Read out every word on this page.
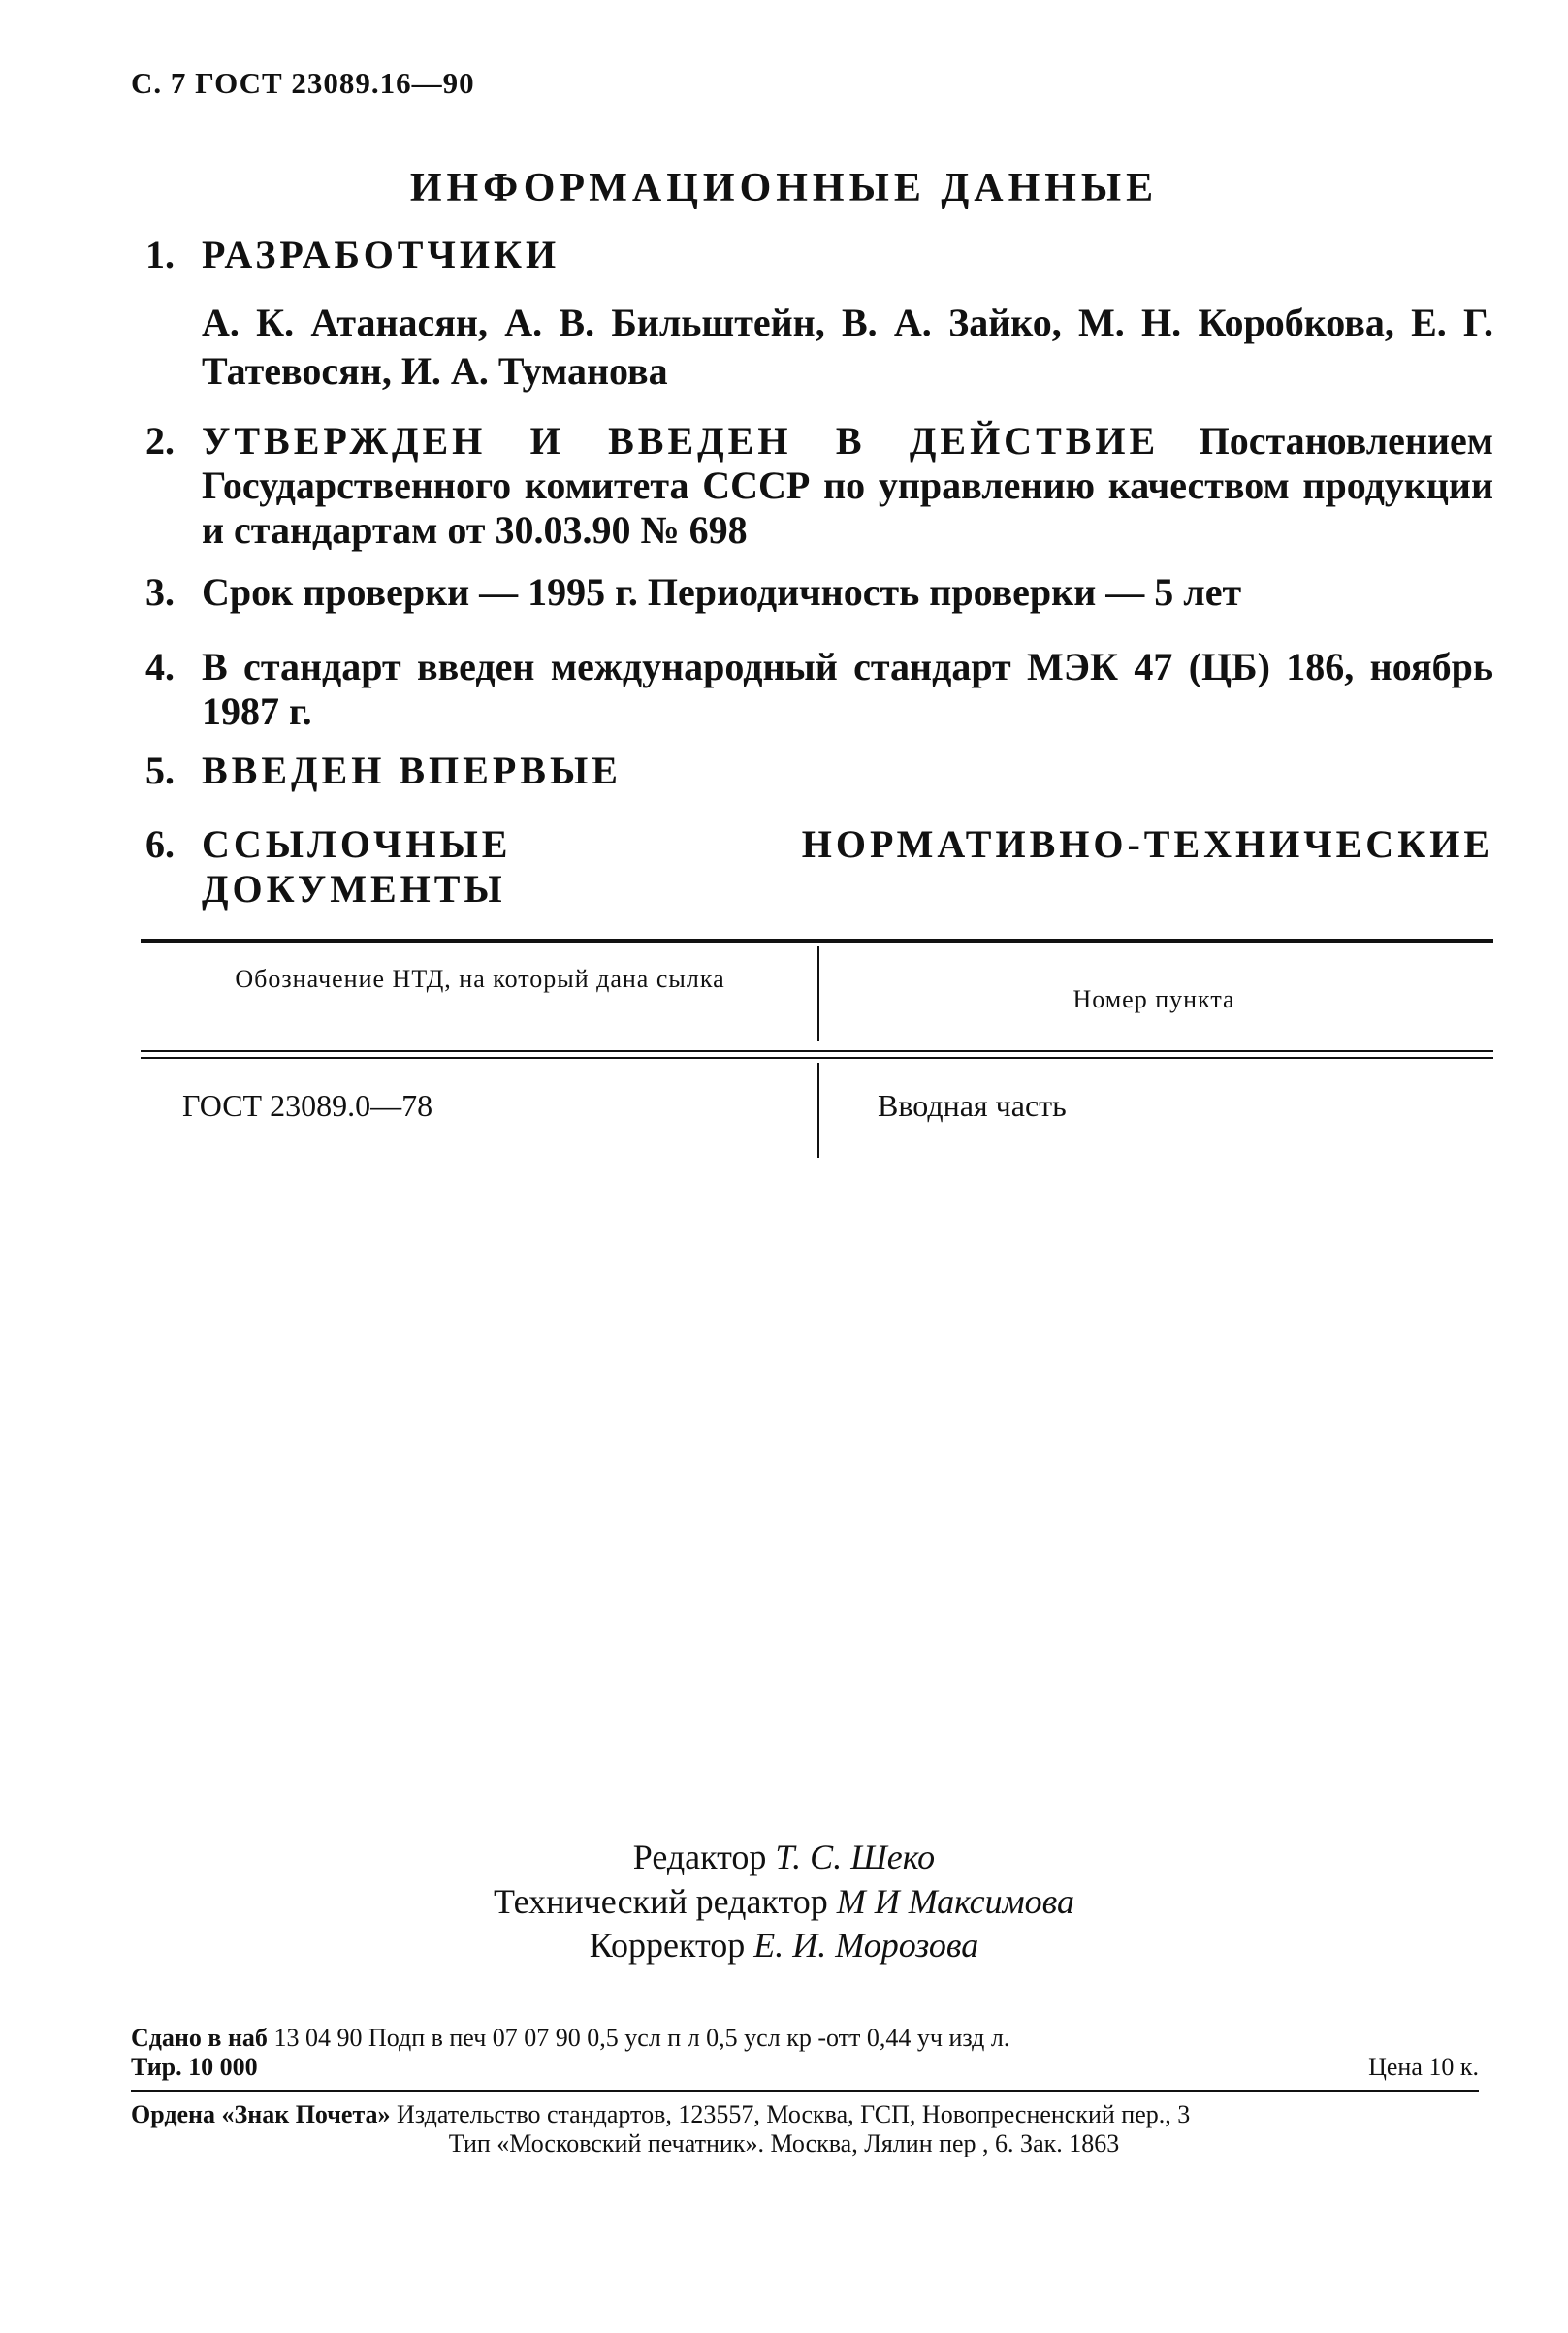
С. 7 ГОСТ 23089.16—90
ИНФОРМАЦИОННЫЕ ДАННЫЕ
1. РАЗРАБОТЧИКИ
А. К. Атанасян, А. В. Бильштейн, В. А. Зайко, М. Н. Коробкова, Е. Г. Татевосян, И. А. Туманова
2. УТВЕРЖДЕН И ВВЕДЕН В ДЕЙСТВИЕ Постановлением Государственного комитета СССР по управлению качеством продукции и стандартам от 30.03.90 № 698
3. Срок проверки — 1995 г. Периодичность проверки — 5 лет
4. В стандарт введен международный стандарт МЭК 47 (ЦБ) 186, ноябрь 1987 г.
5. ВВЕДЕН ВПЕРВЫЕ
6. ССЫЛОЧНЫЕ НОРМАТИВНО-ТЕХНИЧЕСКИЕ ДОКУМЕНТЫ
Обозначение НТД, на который дана сылка
Номер пункта
ГОСТ 23089.0—78	Вводная часть
Редактор Т. С. Шеко
Технический редактор М И Максимова
Корректор Е. И. Морозова
Сдано в наб 13 04 90 Подп в печ 07 07 90 0,5 усл п л 0,5 усл кр -отт 0,44 уч изд л.
Тир. 10 000	Цена 10 к.
Ордена «Знак Почета» Издательство стандартов, 123557, Москва, ГСП, Новопресненский пер., 3
Тип «Московский печатник». Москва, Лялин пер , 6. Зак. 1863
